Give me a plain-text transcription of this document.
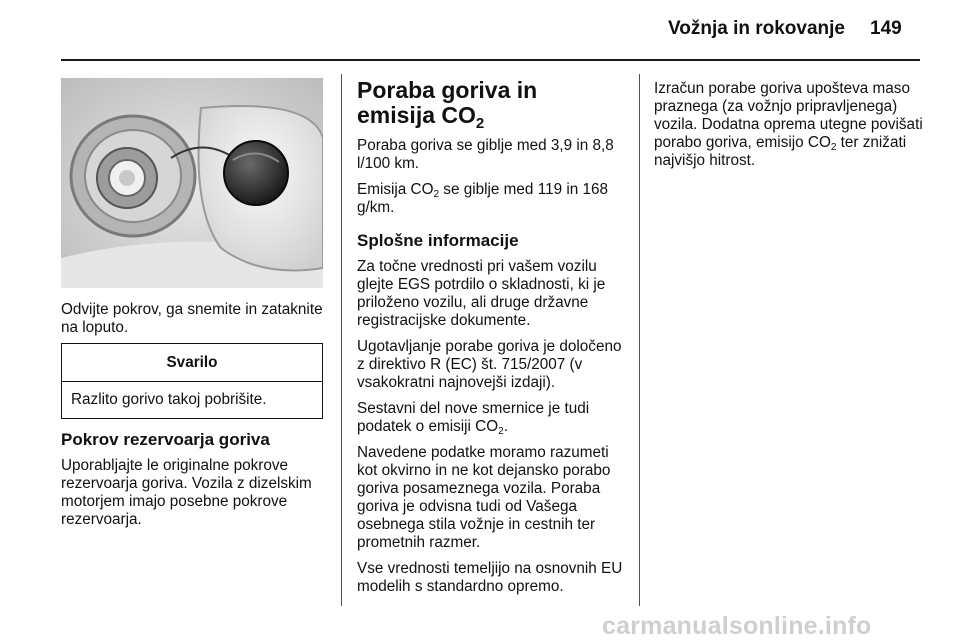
Vožnja in rokovanje 149
Odvijte pokrov, ga snemite in zataknite na loputo.
Svarilo
Razlito gorivo takoj pobrišite.

Pokrov rezervoarja goriva

Uporabljajte le originalne pokrove rezervoarja goriva. Vozila z dizelskim motorjem imajo posebne pokrove rezervoarja.

Poraba goriva in
emisija $CO_2$

Poraba goriva se giblje med 3,9 in 8,8 l/100 km.

Emisija $CO_2$ se giblje med 119 in 168 g/km.

Splošne informacije

Za točne vrednosti pri vašem vozilu glejte EGS potrdilo o skladnosti, ki je priloženo vozilu, ali druge državne registracijske dokumente.

Ugotavljanje porabe goriva je določeno z direktivo R (EC) št. 715/2007 (v vsakokratni najnovejši izdaji).

Sestavni del nove smernice je tudi podatek o emisiji $CO_2$.

Navedene podatke moramo razumeti kot okvirno in ne kot dejansko porabo goriva posameznega vozila. Poraba goriva je odvisna tudi od Vašega osebnega stila vožnje in cestnih ter prometnih razmer.

Vse vrednosti temeljijo na osnovnih EU modelih s standardno opremo.

Izračun porabe goriva upošteva maso praznega (za vožnjo pripravljenega) vozila. Dodatna oprema utegne povišati porabo goriva, emisijo $CO_2$ ter znižati najvišjo hitrost.

carmanualsonline.info
